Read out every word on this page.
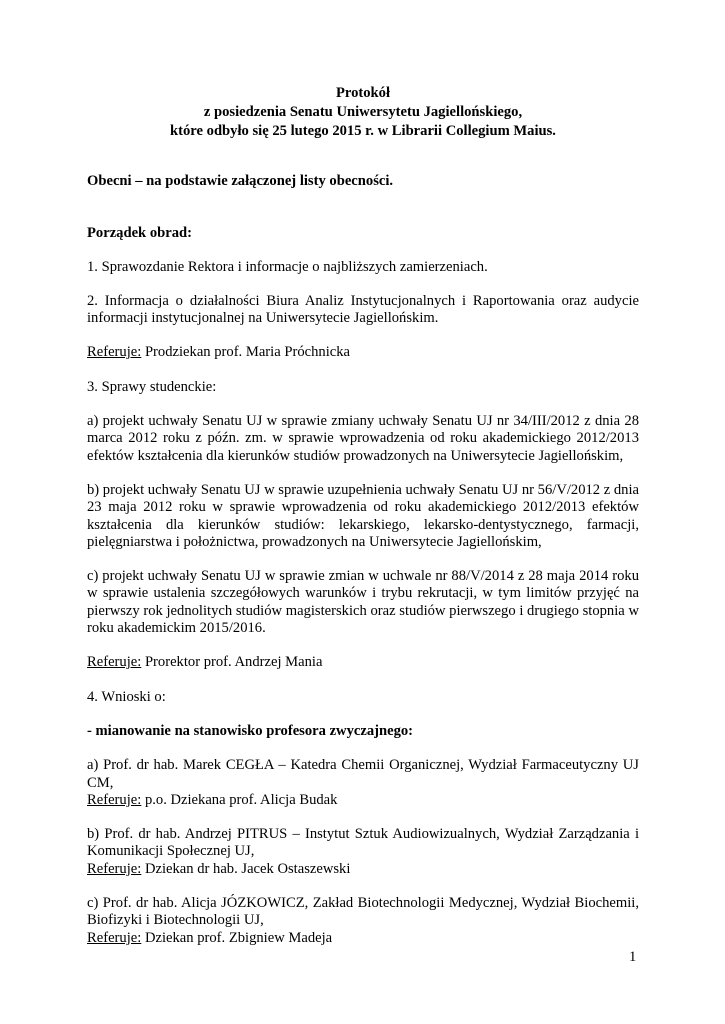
Protokół
z posiedzenia Senatu Uniwersytetu Jagiellońskiego,
które odbyło się 25 lutego 2015 r. w Librarii Collegium Maius.

Obecni – na podstawie załączonej listy obecności.

Porządek obrad:

1. Sprawozdanie Rektora i informacje o najbliższych zamierzeniach.

2. Informacja o działalności Biura Analiz Instytucjonalnych i Raportowania oraz audycie informacji instytucjonalnej na Uniwersytecie Jagiellońskim.

Referuje: Prodziekan prof. Maria Próchnicka

3. Sprawy studenckie:

a) projekt uchwały Senatu UJ w sprawie zmiany uchwały Senatu UJ nr 34/III/2012 z dnia 28 marca 2012 roku z późn. zm. w sprawie wprowadzenia od roku akademickiego 2012/2013 efektów kształcenia dla kierunków studiów prowadzonych na Uniwersytecie Jagiellońskim,

b) projekt uchwały Senatu UJ w sprawie uzupełnienia uchwały Senatu UJ nr 56/V/2012 z dnia 23 maja 2012 roku w sprawie wprowadzenia od roku akademickiego 2012/2013 efektów kształcenia dla kierunków studiów: lekarskiego, lekarsko-dentystycznego, farmacji, pielęgniarstwa i położnictwa, prowadzonych na Uniwersytecie Jagiellońskim,

c) projekt uchwały Senatu UJ w sprawie zmian w uchwale nr 88/V/2014 z 28 maja 2014 roku w sprawie ustalenia szczegółowych warunków i trybu rekrutacji, w tym limitów przyjęć na pierwszy rok jednolitych studiów magisterskich oraz studiów pierwszego i drugiego stopnia w roku akademickim 2015/2016.

Referuje: Prorektor prof. Andrzej Mania

4. Wnioski o:

- mianowanie na stanowisko profesora zwyczajnego:

a) Prof. dr hab. Marek CEGŁA – Katedra Chemii Organicznej, Wydział Farmaceutyczny UJ CM,

Referuje: p.o. Dziekana prof. Alicja Budak

b) Prof. dr hab. Andrzej PITRUS – Instytut Sztuk Audiowizualnych, Wydział Zarządzania i Komunikacji Społecznej UJ,

Referuje: Dziekan dr hab. Jacek Ostaszewski

c) Prof. dr hab. Alicja JÓZKOWICZ, Zakład Biotechnologii Medycznej, Wydział Biochemii, Biofizyki i Biotechnologii UJ,

Referuje: Dziekan prof. Zbigniew Madeja

1
